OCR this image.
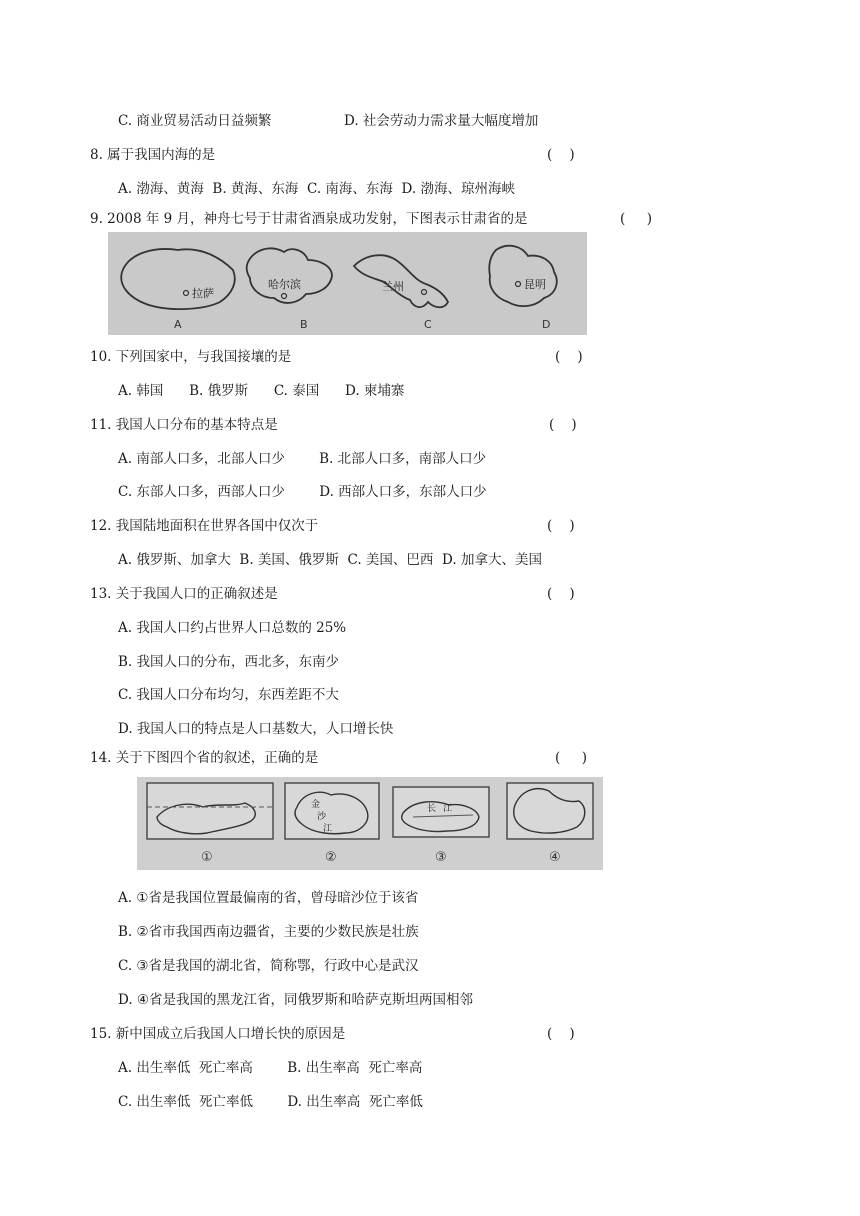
C. 商业贸易活动日益频繁	D. 社会劳动力需求量大幅度增加
8. 属于我国内海的是	(    )
A. 渤海、黄海  B. 黄海、东海  C. 南海、东海  D. 渤海、琼州海峡
9. 2008 年 9 月，神舟七号于甘肃省酒泉成功发射，下图表示甘肃省的是	(     )
拉萨
A
哈尔滨
B
兰州
C
昆明
D
10. 下列国家中，与我国接壤的是	(    )
A. 韩国      B. 俄罗斯      C. 泰国      D. 柬埔寨
11. 我国人口分布的基本特点是	(    )
A. 南部人口多，北部人口少        B. 北部人口多，南部人口少
C. 东部人口多，西部人口少        D. 西部人口多，东部人口少
12. 我国陆地面积在世界各国中仅次于	(    )
A. 俄罗斯、加拿大  B. 美国、俄罗斯  C. 美国、巴西  D. 加拿大、美国
13. 关于我国人口的正确叙述是	(    )
A. 我国人口约占世界人口总数的 25%
B. 我国人口的分布，西北多，东南少
C. 我国人口分布均匀，东西差距不大
D. 我国人口的特点是人口基数大，人口增长快
14. 关于下图四个省的叙述，正确的是	(     )
金
沙
江
长 江
①	②	③	④
A. ①省是我国位置最偏南的省，曾母暗沙位于该省
B. ②省市我国西南边疆省，主要的少数民族是壮族
C. ③省是我国的湖北省，简称鄂，行政中心是武汉
D. ④省是我国的黑龙江省，同俄罗斯和哈萨克斯坦两国相邻
15. 新中国成立后我国人口增长快的原因是	(    )
A. 出生率低  死亡率高        B. 出生率高  死亡率高
C. 出生率低  死亡率低        D. 出生率高  死亡率低
